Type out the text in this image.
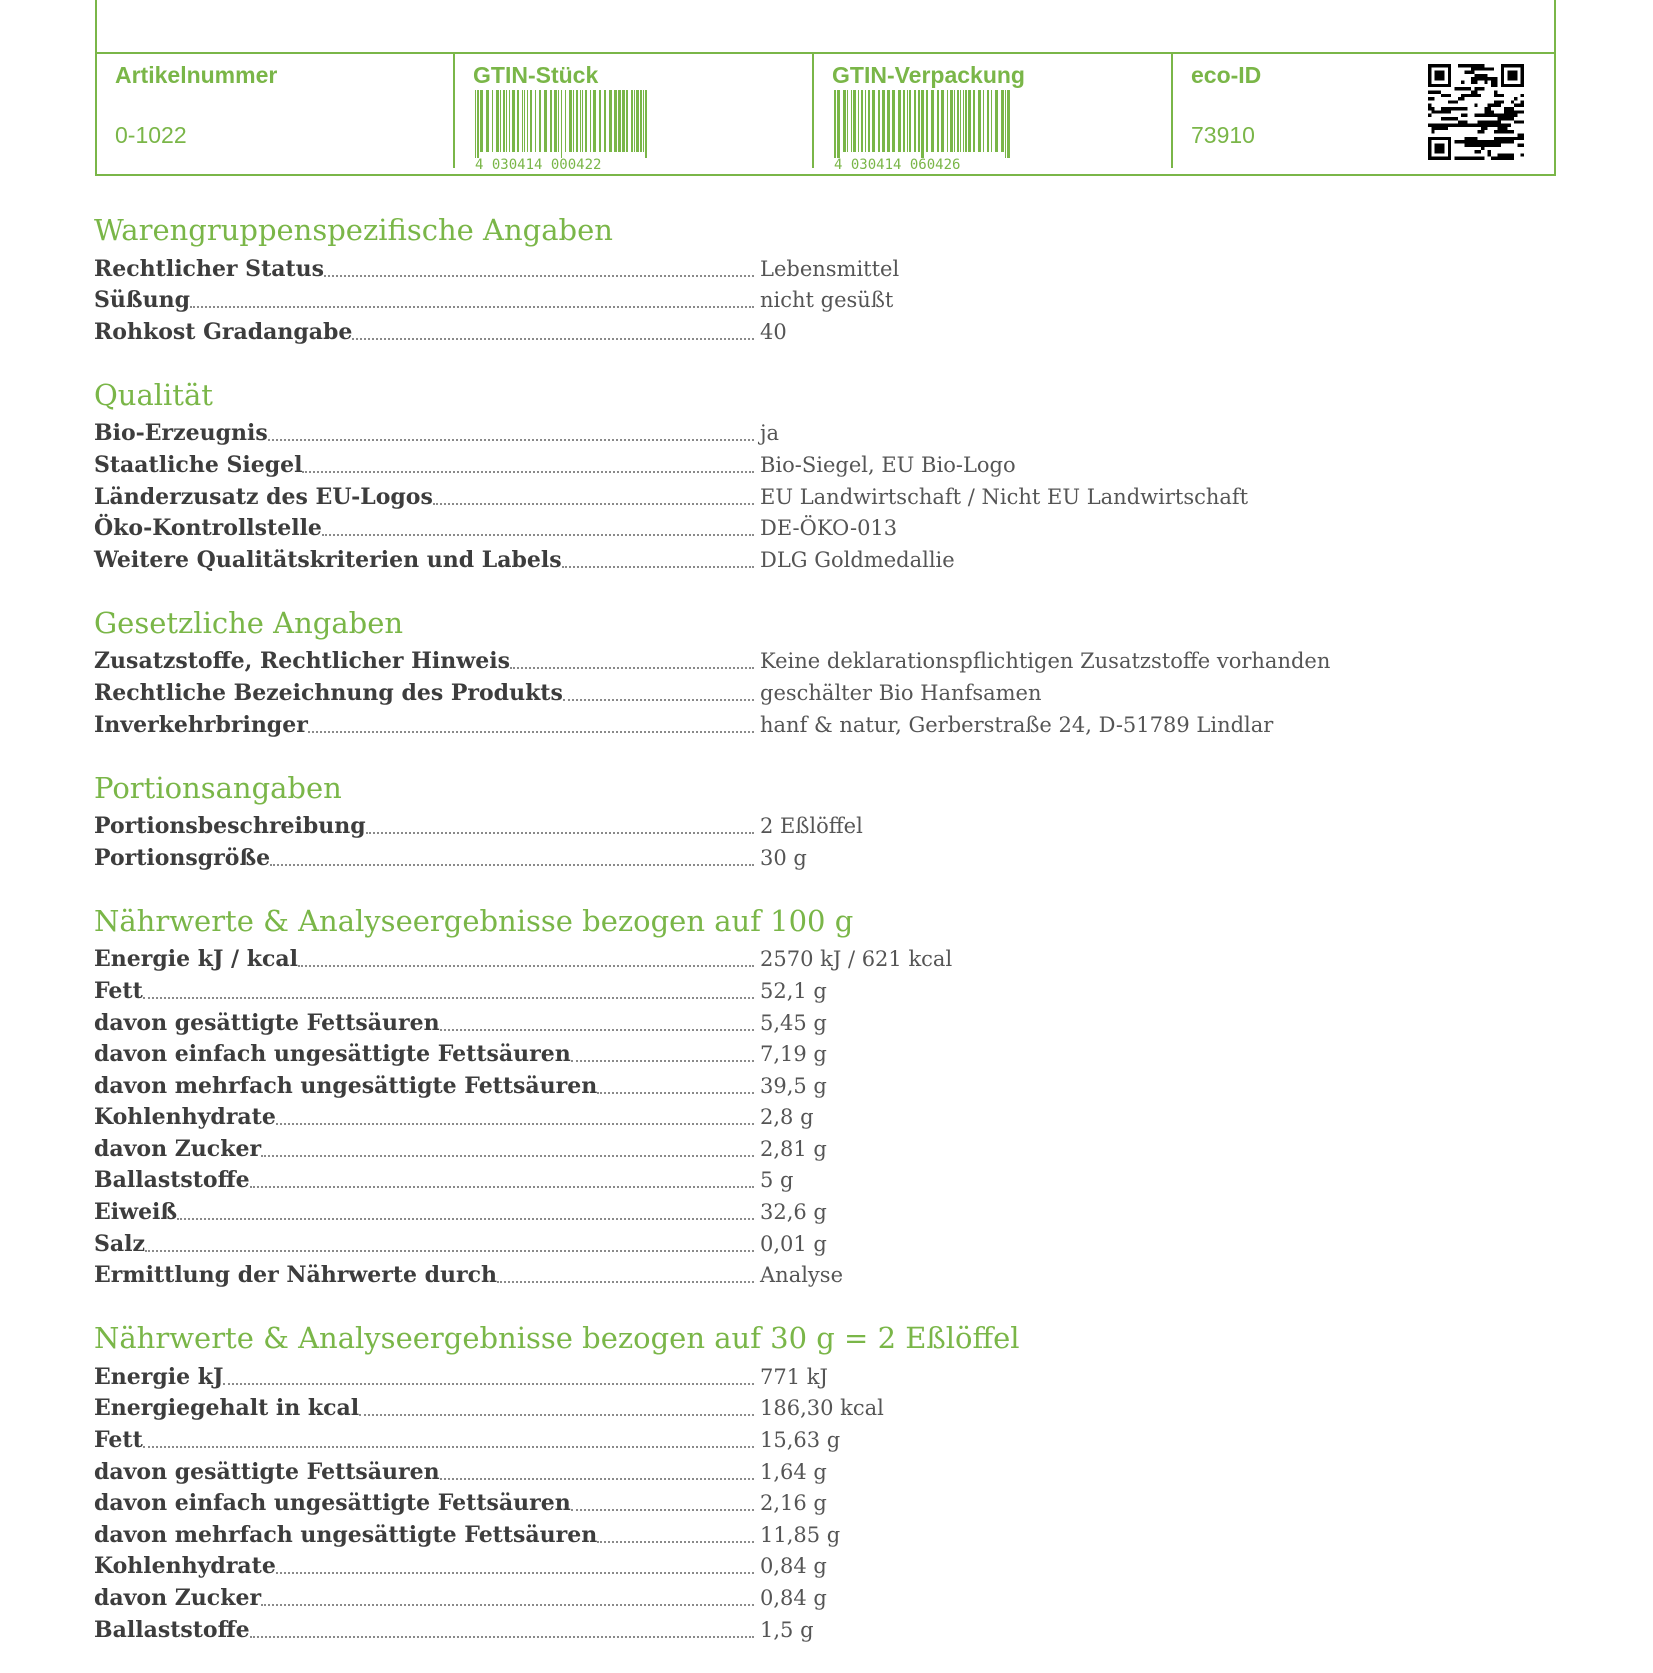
Artikelnummer
0-1022
GTIN-Stück
4 030414 000422
GTIN-Verpackung
4 030414 060426
eco-ID
73910
Warengruppenspezifische Angaben
Rechtlicher Status	Lebensmittel
Süßung	nicht gesüßt
Rohkost Gradangabe	40
Qualität
Bio-Erzeugnis	ja
Staatliche Siegel	Bio-Siegel, EU Bio-Logo
Länderzusatz des EU-Logos	EU Landwirtschaft / Nicht EU Landwirtschaft
Öko-Kontrollstelle	DE-ÖKO-013
Weitere Qualitätskriterien und Labels	DLG Goldmedallie
Gesetzliche Angaben
Zusatzstoffe, Rechtlicher Hinweis	Keine deklarationspflichtigen Zusatzstoffe vorhanden
Rechtliche Bezeichnung des Produkts	geschälter Bio Hanfsamen
Inverkehrbringer	hanf & natur, Gerberstraße 24, D-51789 Lindlar
Portionsangaben
Portionsbeschreibung	2 Eßlöffel
Portionsgröße	30 g
Nährwerte & Analyseergebnisse bezogen auf 100 g
Energie kJ / kcal	2570 kJ / 621 kcal
Fett	52,1 g
davon gesättigte Fettsäuren	5,45 g
davon einfach ungesättigte Fettsäuren	7,19 g
davon mehrfach ungesättigte Fettsäuren	39,5 g
Kohlenhydrate	2,8 g
davon Zucker	2,81 g
Ballaststoffe	5 g
Eiweiß	32,6 g
Salz	0,01 g
Ermittlung der Nährwerte durch	Analyse
Nährwerte & Analyseergebnisse bezogen auf 30 g = 2 Eßlöffel
Energie kJ	771 kJ
Energiegehalt in kcal	186,30 kcal
Fett	15,63 g
davon gesättigte Fettsäuren	1,64 g
davon einfach ungesättigte Fettsäuren	2,16 g
davon mehrfach ungesättigte Fettsäuren	11,85 g
Kohlenhydrate	0,84 g
davon Zucker	0,84 g
Ballaststoffe	1,5 g
